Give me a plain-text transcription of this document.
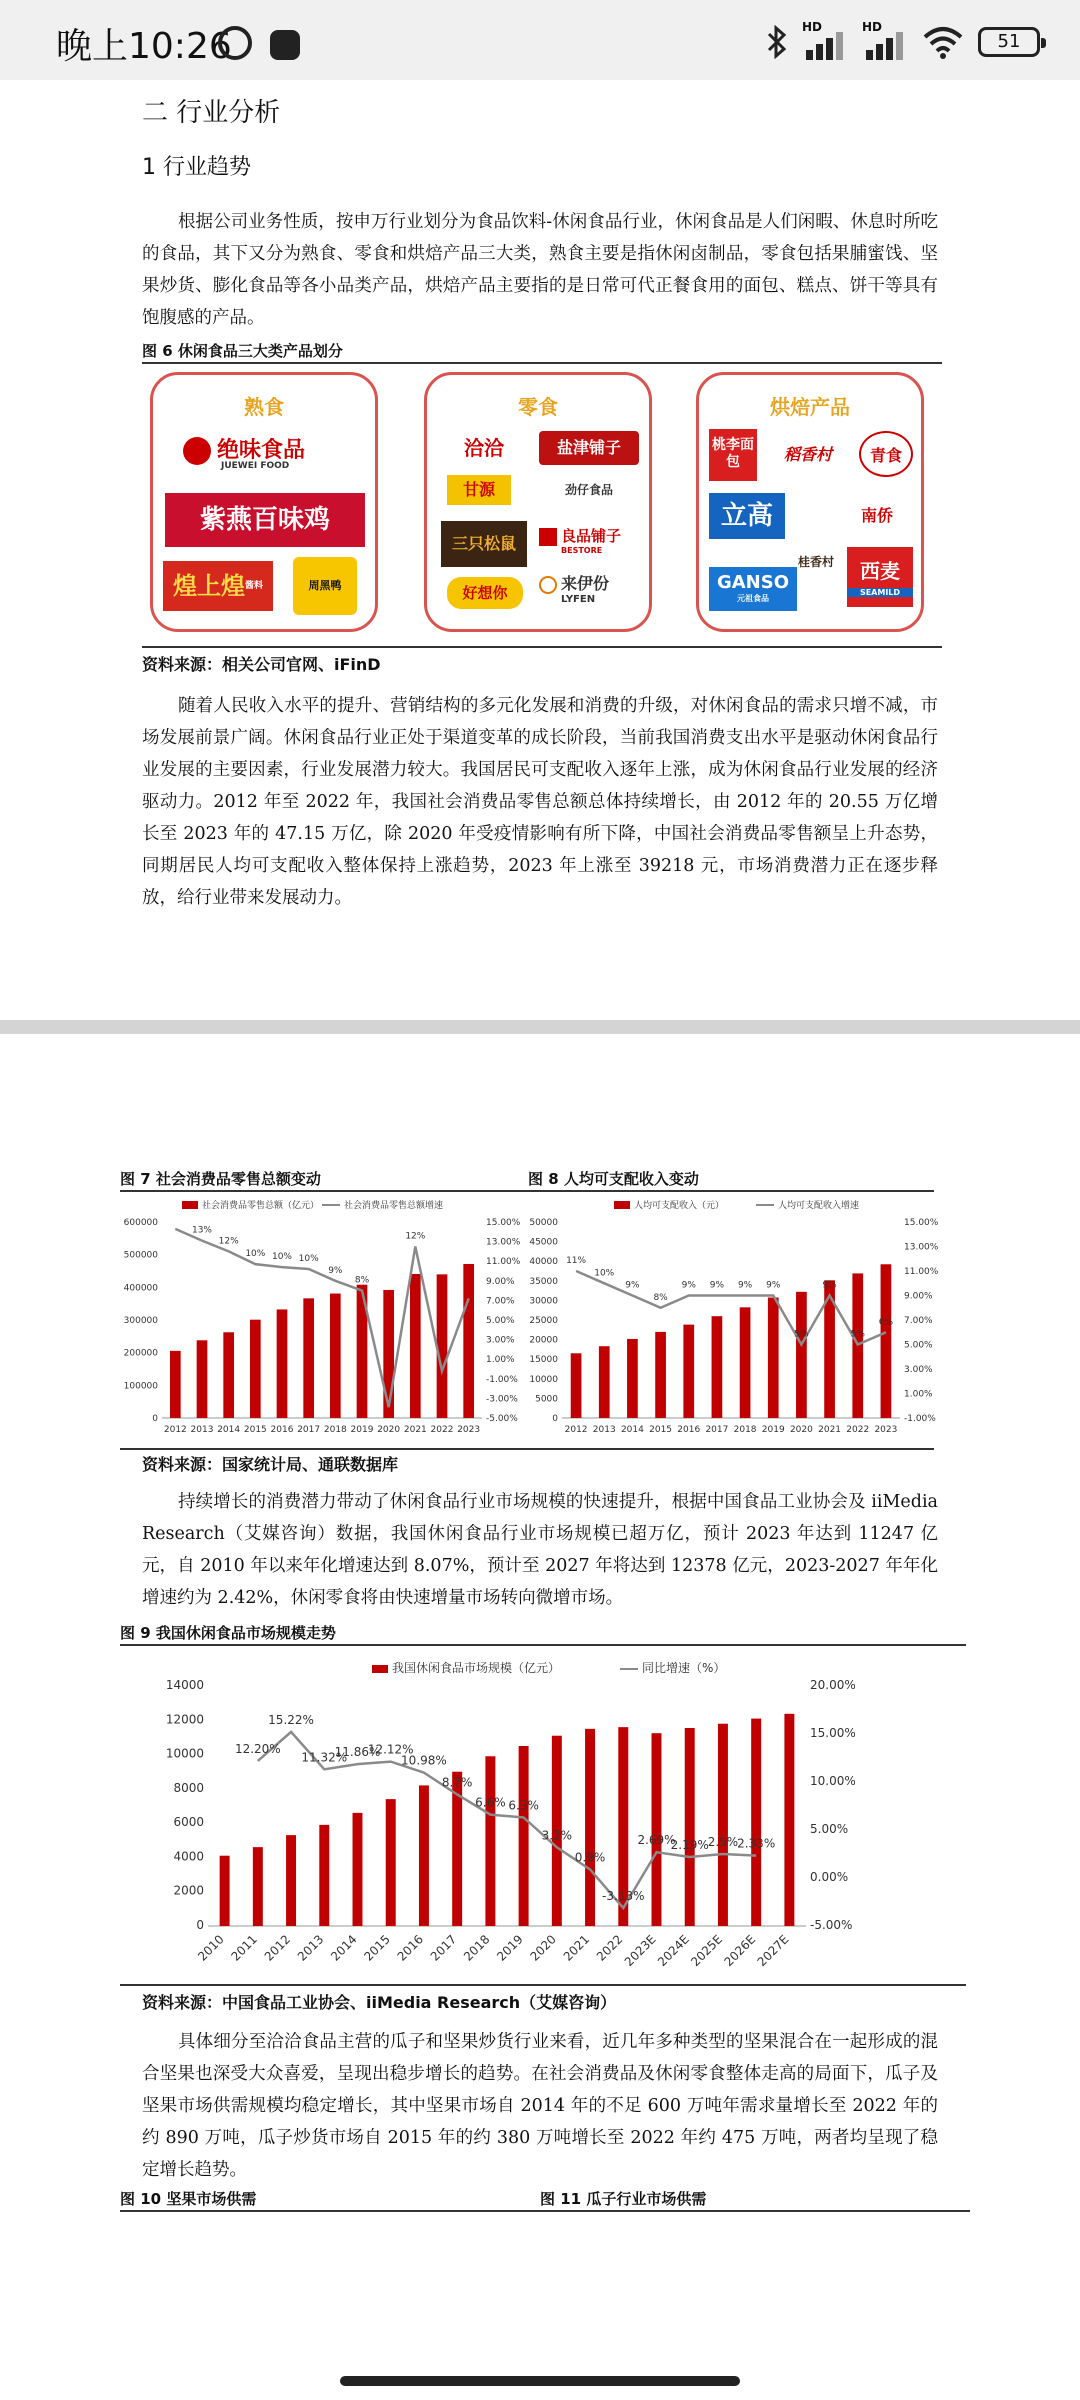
晚上10:26	HD	HD
51
二 行业分析
1 行业趋势
根据公司业务性质，按申万行业划分为食品饮料-休闲食品行业，休闲食品是人们闲暇、休息时所吃的食品，其下又分为熟食、零食和烘焙产品三大类，熟食主要是指休闲卤制品，零食包括果脯蜜饯、坚果炒货、膨化食品等各小品类产品，烘焙产品主要指的是日常可代正餐食用的面包、糕点、饼干等具有饱腹感的产品。
图 6 休闲食品三大类产品划分
熟食
绝味食品
JUEWEI FOOD
紫燕百味鸡
煌上煌$^{酱料}$	周黑鸭
零食
洽洽	盐津铺子
甘源	劲仔食品
三只松鼠	良品铺子
BESTORE
好想你	来伊份
LYFEN
烘焙产品
桃李面包	稻香村	青食
立高	南侨
桂香村	西麦
SEAMILD
GANSO
元祖食品
资料来源：相关公司官网、iFinD
随着人民收入水平的提升、营销结构的多元化发展和消费的升级，对休闲食品的需求只增不减，市场发展前景广阔。休闲食品行业正处于渠道变革的成长阶段，当前我国消费支出水平是驱动休闲食品行业发展的主要因素，行业发展潜力较大。我国居民可支配收入逐年上涨，成为休闲食品行业发展的经济驱动力。2012 年至 2022 年，我国社会消费品零售总额总体持续增长，由 2012 年的 20.55 万亿增长至 2023 年的 47.15 万亿，除 2020 年受疫情影响有所下降，中国社会消费品零售额呈上升态势，同期居民人均可支配收入整体保持上涨趋势，2023 年上涨至 39218 元，市场消费潜力正在逐步释放，给行业带来发展动力。
图 7 社会消费品零售总额变动	图 8 人均可支配收入变动
社会消费品零售总额（亿元）	社会消费品零售总额增速
0
100000
200000
300000
400000
500000
600000
-5.00%
-3.00%
-1.00%
1.00%
3.00%
5.00%
7.00%
9.00%
11.00%
13.00%
15.00%
13%
12%
10% 10% 10%
9%
8%
12%
2012 2013 2014 2015 2016 2017 2018 2019 2020 2021 2022 2023
人均可支配收入（元）	人均可支配收入增速
0
5000
10000
15000
20000
25000
30000
35000
40000
45000
50000
-1.00%
1.00%
3.00%
5.00%
7.00%
9.00%
11.00%
13.00%
15.00%
11%
10%
9%
8%
9% 9% 9% 9%
5%
9%
5%
6%
2012 2013 2014 2015 2016 2017 2018 2019 2020 2021 2022 2023
资料来源：国家统计局、通联数据库
持续增长的消费潜力带动了休闲食品行业市场规模的快速提升，根据中国食品工业协会及 iiMedia Research（艾媒咨询）数据，我国休闲食品行业市场规模已超万亿，预计 2023 年达到 11247 亿元，自 2010 年以来年化增速达到 8.07%，预计至 2027 年将达到 12378 亿元，2023-2027 年年化增速约为 2.42%，休闲零食将由快速增量市场转向微增市场。
图 9 我国休闲食品市场规模走势
我国休闲食品市场规模（亿元）	同比增速（%）
0
2000
4000
6000
8000
10000
12000
14000
-5.00%
0.00%
5.00%
10.00%
15.00%
20.00%
12.20%
15.22%
11.32%
11.86%
12.12%
10.98%
8.7%
6.6% 6.3%
3.2%
0.9%
-3.13%
2.69%
2.19%
2.5%
2.33%
2010 2011 2012 2013 2014 2015 2016 2017 2018 2019 2020 2021 2022
2023E
2024E
2025E
2026E
2027E
资料来源：中国食品工业协会、iiMedia Research（艾媒咨询）
具体细分至洽洽食品主营的瓜子和坚果炒货行业来看，近几年多种类型的坚果混合在一起形成的混合坚果也深受大众喜爱，呈现出稳步增长的趋势。在社会消费品及休闲零食整体走高的局面下，瓜子及坚果市场供需规模均稳定增长，其中坚果市场自 2014 年的不足 600 万吨年需求量增长至 2022 年的约 890 万吨，瓜子炒货市场自 2015 年的约 380 万吨增长至 2022 年约 475 万吨，两者均呈现了稳定增长趋势。
图 10 坚果市场供需	图 11 瓜子行业市场供需
